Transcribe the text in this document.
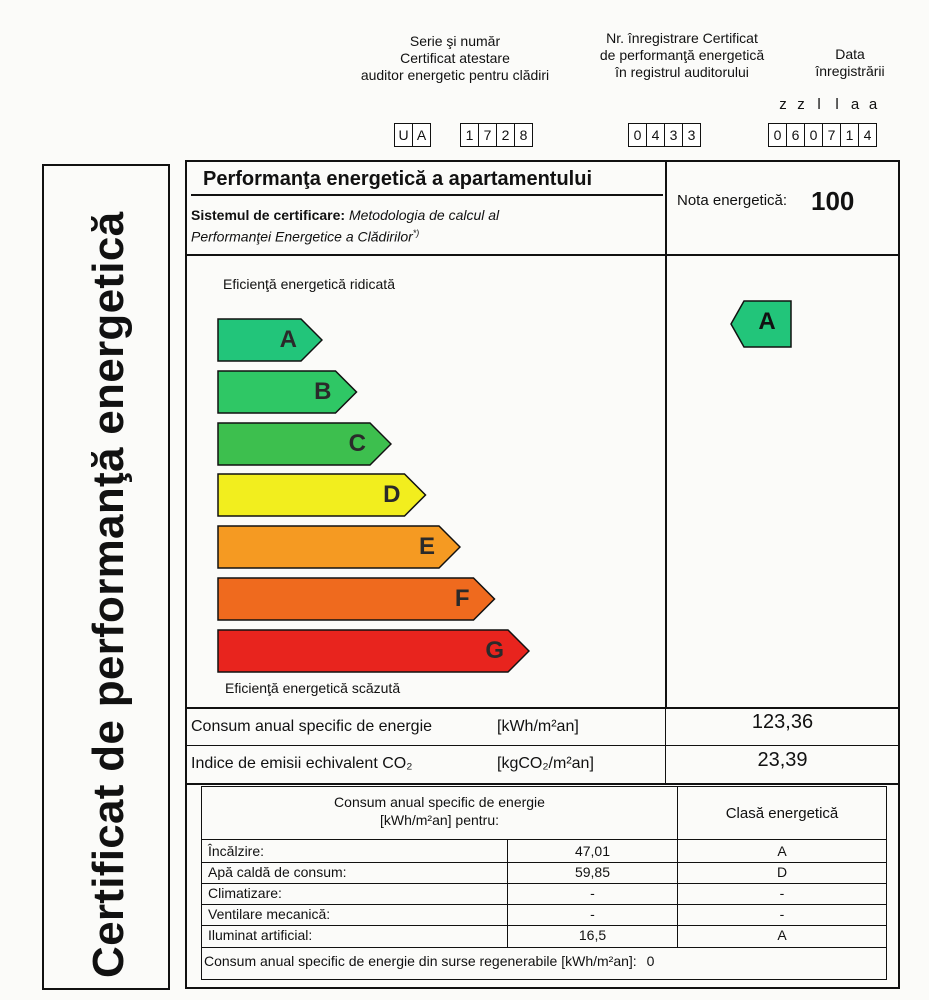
Serie şi număr
Certificat atestare
auditor energetic pentru clădiri
Nr. înregistrare Certificat
de performanţă energetică
în registrul auditorului
Data
înregistrării
U A	1 7 2 8	0 4 3 3
z z l l a a
0 6 0 7 1 4
Certificat de performanţă energetică
Performanţa energetică a apartamentului
Sistemul de certificare: Metodologia de calcul al
Performanţei Energetice a Clădirilor*)
Nota energetică: 100
Eficienţă energetică ridicată
Eficienţă energetică scăzută
A
B
C
D
E
F
G
A
Consum anual specific de energie	[kWh/m²an]	123,36
Indice de emisii echivalent CO₂	[kgCO₂/m²an]	23,39
Consum anual specific de energie
[kWh/m²an] pentru:	Clasă energetică
Încălzire:	47,01	A
Apă caldă de consum:	59,85	D
Climatizare:	-	-
Ventilare mecanică:	-	-
Iluminat artificial:	16,5	A
Consum anual specific de energie din surse regenerabile [kWh/m²an]: 0
